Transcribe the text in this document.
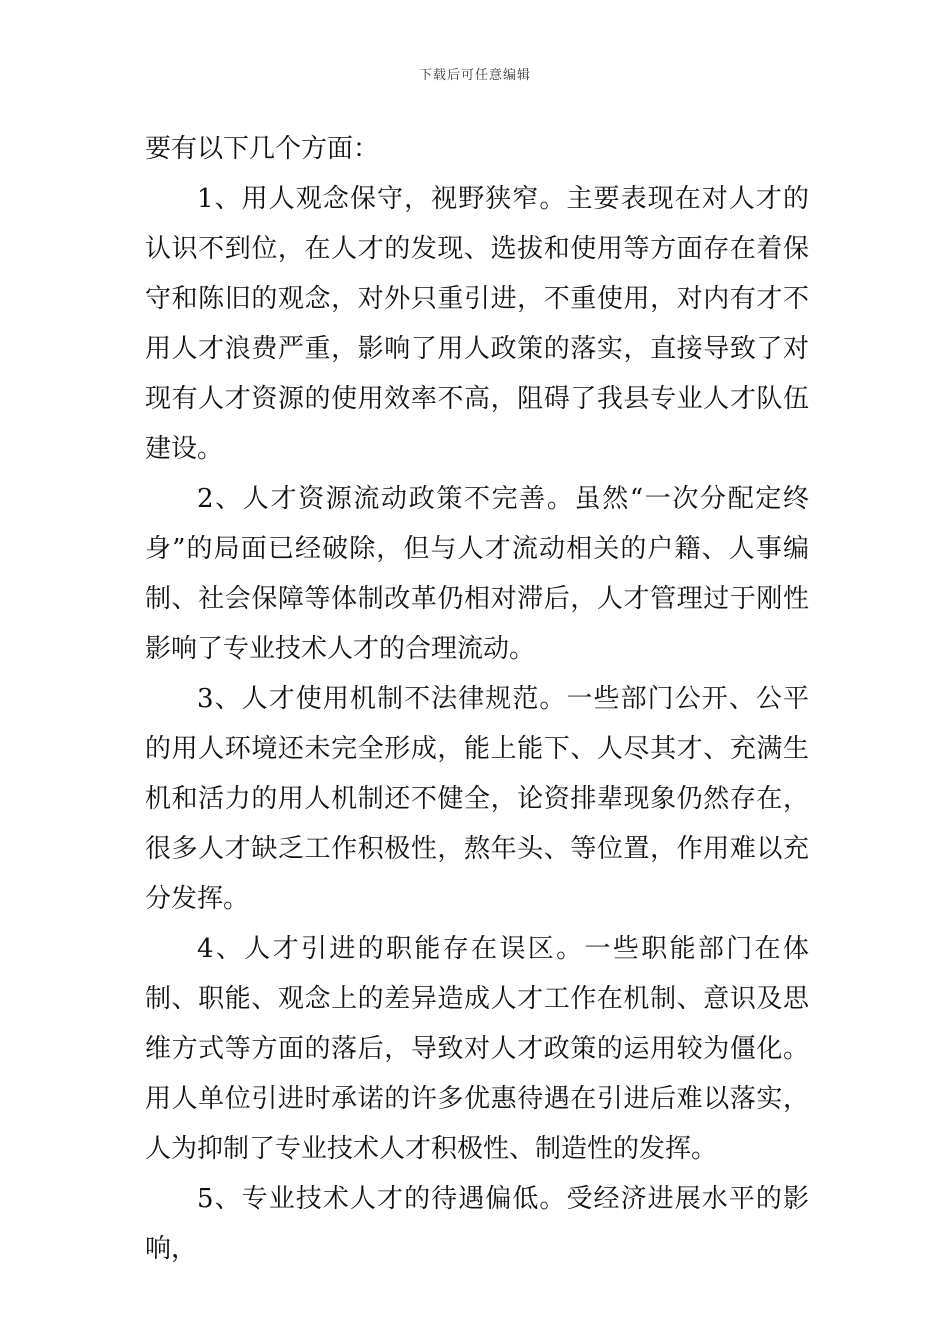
下载后可任意编辑

要有以下几个方面：

1、用人观念保守，视野狭窄。主要表现在对人才的认识不到位，在人才的发现、选拔和使用等方面存在着保守和陈旧的观念，对外只重引进，不重使用，对内有才不用人才浪费严重，影响了用人政策的落实，直接导致了对现有人才资源的使用效率不高，阻碍了我县专业人才队伍建设。

2、人才资源流动政策不完善。虽然“一次分配定终身”的局面已经破除，但与人才流动相关的户籍、人事编制、社会保障等体制改革仍相对滞后，人才管理过于刚性影响了专业技术人才的合理流动。

3、人才使用机制不法律规范。一些部门公开、公平的用人环境还未完全形成，能上能下、人尽其才、充满生机和活力的用人机制还不健全，论资排辈现象仍然存在，很多人才缺乏工作积极性，熬年头、等位置，作用难以充分发挥。

4、人才引进的职能存在误区。一些职能部门在体制、职能、观念上的差异造成人才工作在机制、意识及思维方式等方面的落后，导致对人才政策的运用较为僵化。用人单位引进时承诺的许多优惠待遇在引进后难以落实，人为抑制了专业技术人才积极性、制造性的发挥。

5、专业技术人才的待遇偏低。受经济进展水平的影响，
